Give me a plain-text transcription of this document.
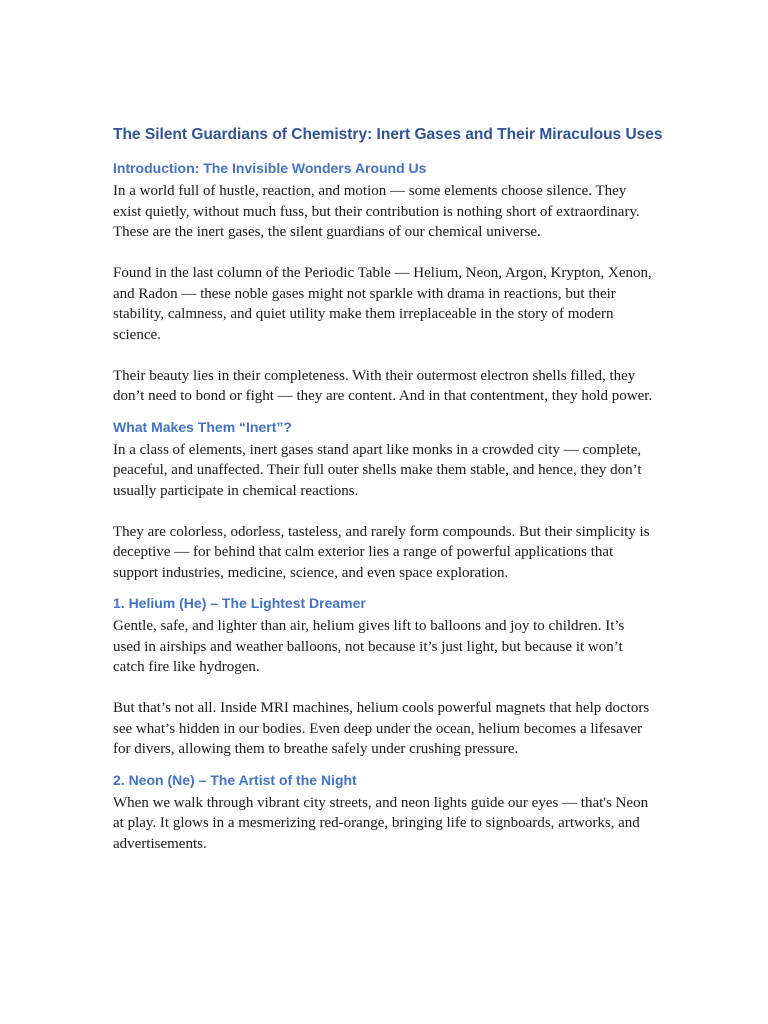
The Silent Guardians of Chemistry: Inert Gases and Their Miraculous Uses
Introduction: The Invisible Wonders Around Us

In a world full of hustle, reaction, and motion — some elements choose silence. They exist quietly, without much fuss, but their contribution is nothing short of extraordinary. These are the inert gases, the silent guardians of our chemical universe.

Found in the last column of the Periodic Table — Helium, Neon, Argon, Krypton, Xenon, and Radon — these noble gases might not sparkle with drama in reactions, but their stability, calmness, and quiet utility make them irreplaceable in the story of modern science.

Their beauty lies in their completeness. With their outermost electron shells filled, they don’t need to bond or fight — they are content. And in that contentment, they hold power.

What Makes Them “Inert”?

In a class of elements, inert gases stand apart like monks in a crowded city — complete, peaceful, and unaffected. Their full outer shells make them stable, and hence, they don’t usually participate in chemical reactions.

They are colorless, odorless, tasteless, and rarely form compounds. But their simplicity is deceptive — for behind that calm exterior lies a range of powerful applications that support industries, medicine, science, and even space exploration.

1. Helium (He) – The Lightest Dreamer

Gentle, safe, and lighter than air, helium gives lift to balloons and joy to children. It’s used in airships and weather balloons, not because it’s just light, but because it won’t catch fire like hydrogen.

But that’s not all. Inside MRI machines, helium cools powerful magnets that help doctors see what’s hidden in our bodies. Even deep under the ocean, helium becomes a lifesaver for divers, allowing them to breathe safely under crushing pressure.

2. Neon (Ne) – The Artist of the Night

When we walk through vibrant city streets, and neon lights guide our eyes — that's Neon at play. It glows in a mesmerizing red-orange, bringing life to signboards, artworks, and advertisements.
